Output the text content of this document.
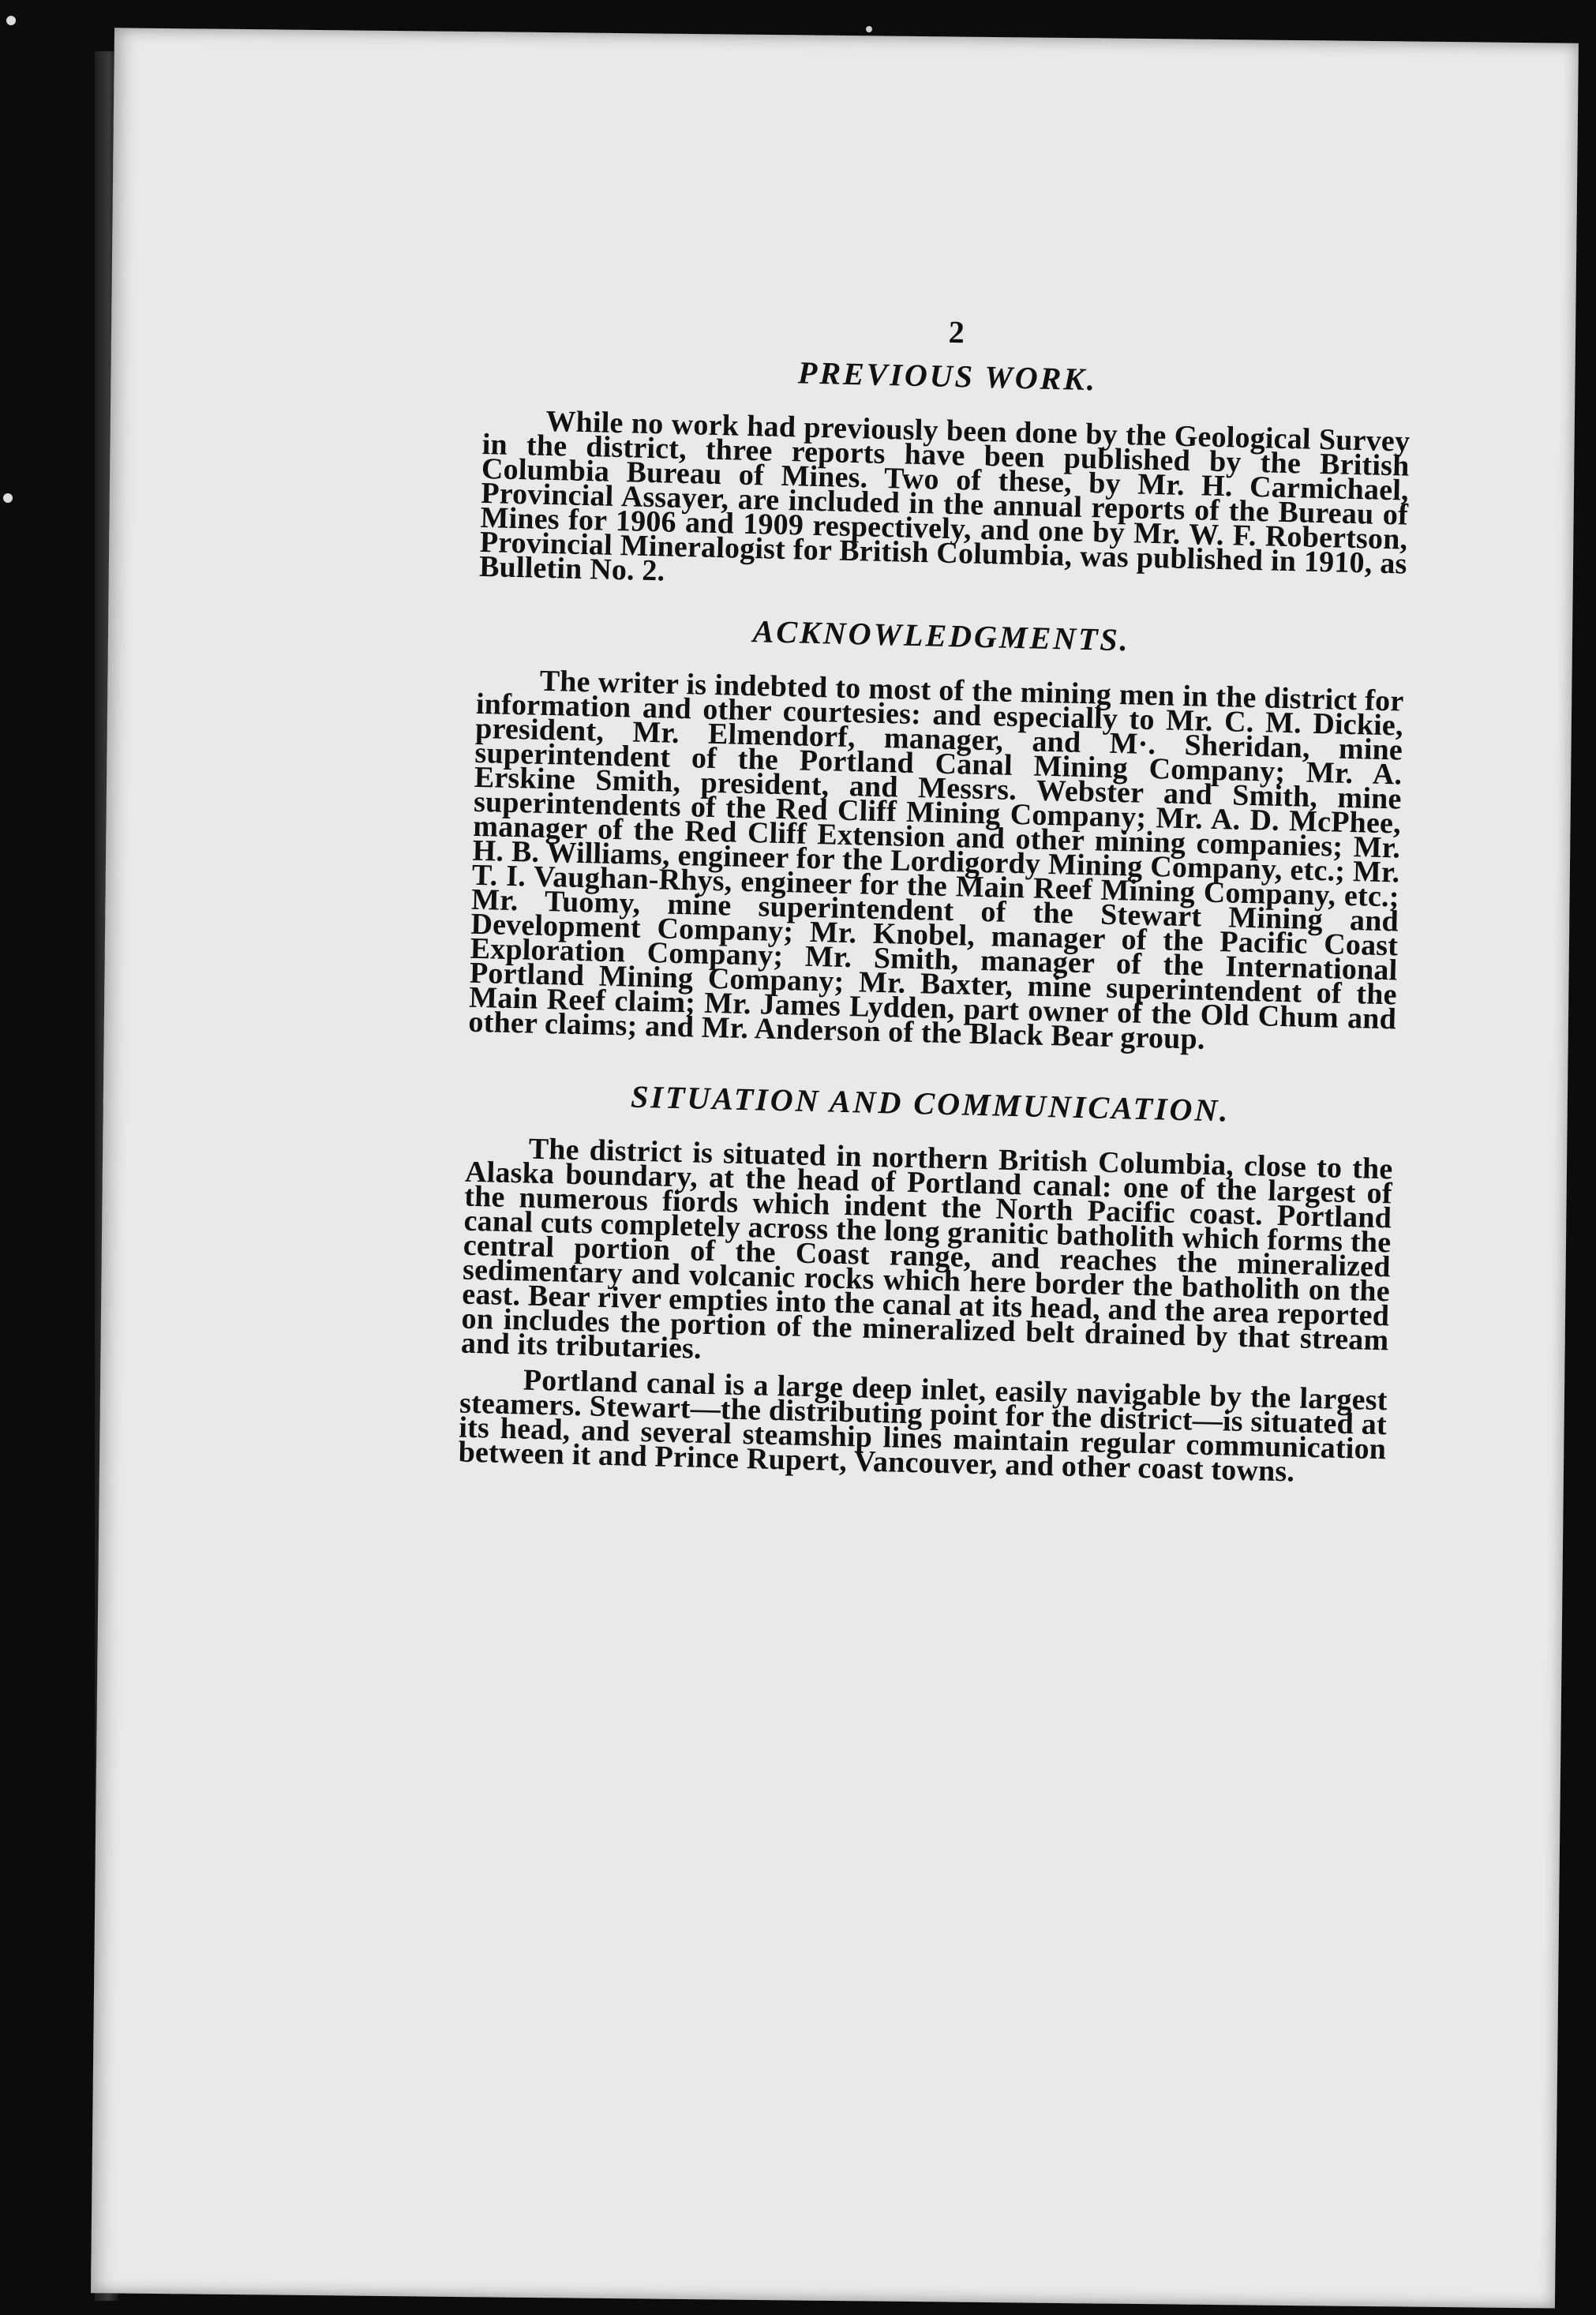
2
PREVIOUS WORK.

While no work had previously been done by the Geological Survey in the district, three reports have been published by the British Columbia Bureau of Mines. Two of these, by Mr. H. Carmichael, Provincial Assayer, are included in the annual reports of the Bureau of Mines for 1906 and 1909 respectively, and one by Mr. W. F. Robertson, Provincial Mineralogist for British Columbia, was published in 1910, as Bulletin No. 2.

ACKNOWLEDGMENTS.

The writer is indebted to most of the mining men in the district for information and other courtesies: and especially to Mr. C. M. Dickie, president, Mr. Elmendorf, manager, and M·. Sheridan, mine superintendent of the Portland Canal Mining Company; Mr. A. Erskine Smith, president, and Messrs. Webster and Smith, mine superintendents of the Red Cliff Mining Company; Mr. A. D. McPhee, manager of the Red Cliff Extension and other mining companies; Mr. H. B. Williams, engineer for the Lordigordy Mining Company, etc.; Mr. T. I. Vaughan-Rhys, engineer for the Main Reef Mining Company, etc.; Mr. Tuomy, mine superintendent of the Stewart Mining and Development Company; Mr. Knobel, manager of the Pacific Coast Exploration Company; Mr. Smith, manager of the International Portland Mining Company; Mr. Baxter, mine superintendent of the Main Reef claim; Mr. James Lydden, part owner of the Old Chum and other claims; and Mr. Anderson of the Black Bear group.

SITUATION AND COMMUNICATION.

The district is situated in northern British Columbia, close to the Alaska boundary, at the head of Portland canal: one of the largest of the numerous fiords which indent the North Pacific coast. Portland canal cuts completely across the long granitic batholith which forms the central portion of the Coast range, and reaches the mineralized sedimentary and volcanic rocks which here border the batholith on the east. Bear river empties into the canal at its head, and the area reported on includes the portion of the mineralized belt drained by that stream and its tributaries.

Portland canal is a large deep inlet, easily navigable by the largest steamers. Stewart—the distributing point for the district—is situated at its head, and several steamship lines maintain regular communication between it and Prince Rupert, Vancouver, and other coast towns.
